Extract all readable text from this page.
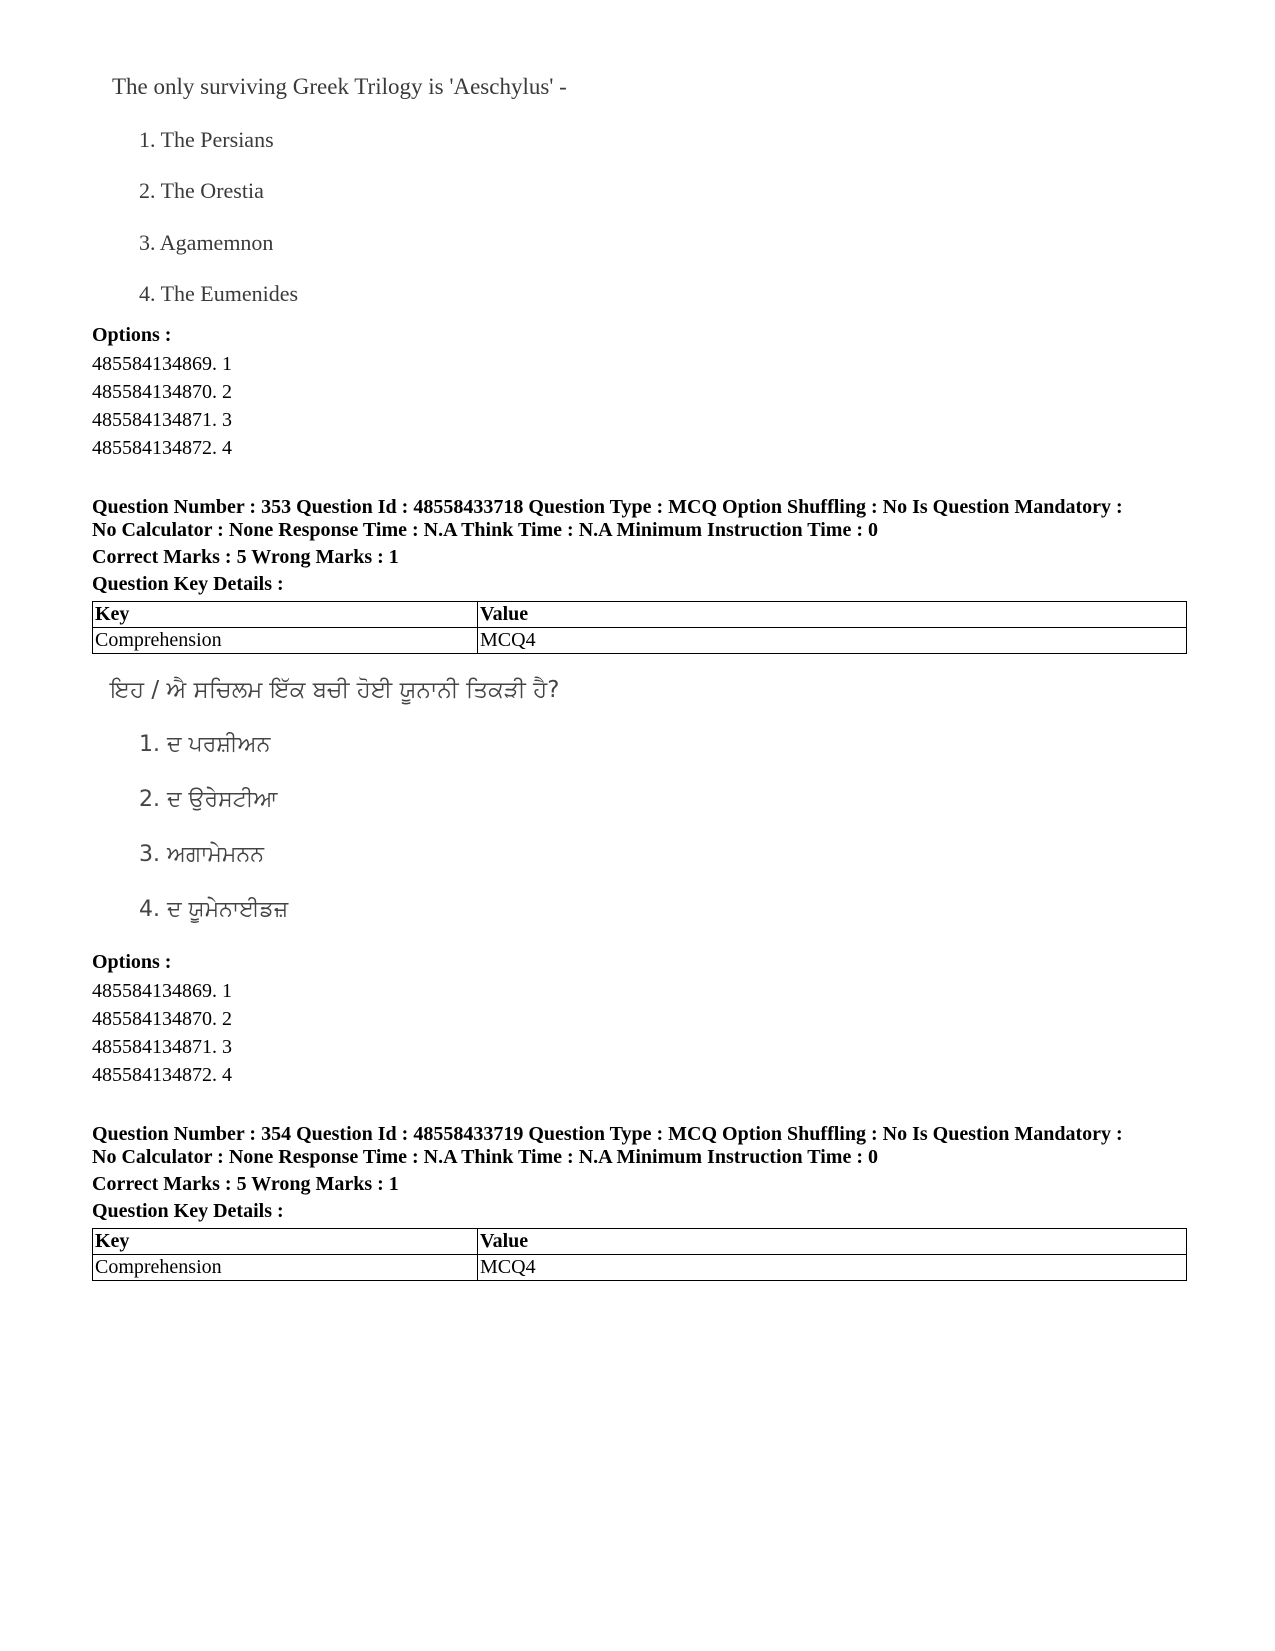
The only surviving Greek Trilogy is 'Aeschylus' -
1. The Persians
2. The Orestia
3. Agamemnon
4. The Eumenides
Options :
485584134869. 1
485584134870. 2
485584134871. 3
485584134872. 4
Question Number : 353 Question Id : 48558433718 Question Type : MCQ Option Shuffling : No Is Question Mandatory :
No Calculator : None Response Time : N.A Think Time : N.A Minimum Instruction Time : 0
Correct Marks : 5 Wrong Marks : 1
Question Key Details :
Key	Value
Comprehension	MCQ4
ਇਹ / ਐ ਸਚਿਲਮ ਇੱਕ ਬਚੀ ਹੋਈ ਯੂਨਾਨੀ ਤਿਕੜੀ ਹੈ?
1. ਦ ਪਰਸ਼ੀਅਨ
2. ਦ ਉਰੇਸਟੀਆ
3. ਅਗਾਮੇਮਨਨ
4. ਦ ਯੂਮੇਨਾਈਡਜ਼
Options :
485584134869. 1
485584134870. 2
485584134871. 3
485584134872. 4
Question Number : 354 Question Id : 48558433719 Question Type : MCQ Option Shuffling : No Is Question Mandatory :
No Calculator : None Response Time : N.A Think Time : N.A Minimum Instruction Time : 0
Correct Marks : 5 Wrong Marks : 1
Question Key Details :
Key	Value
Comprehension	MCQ4
